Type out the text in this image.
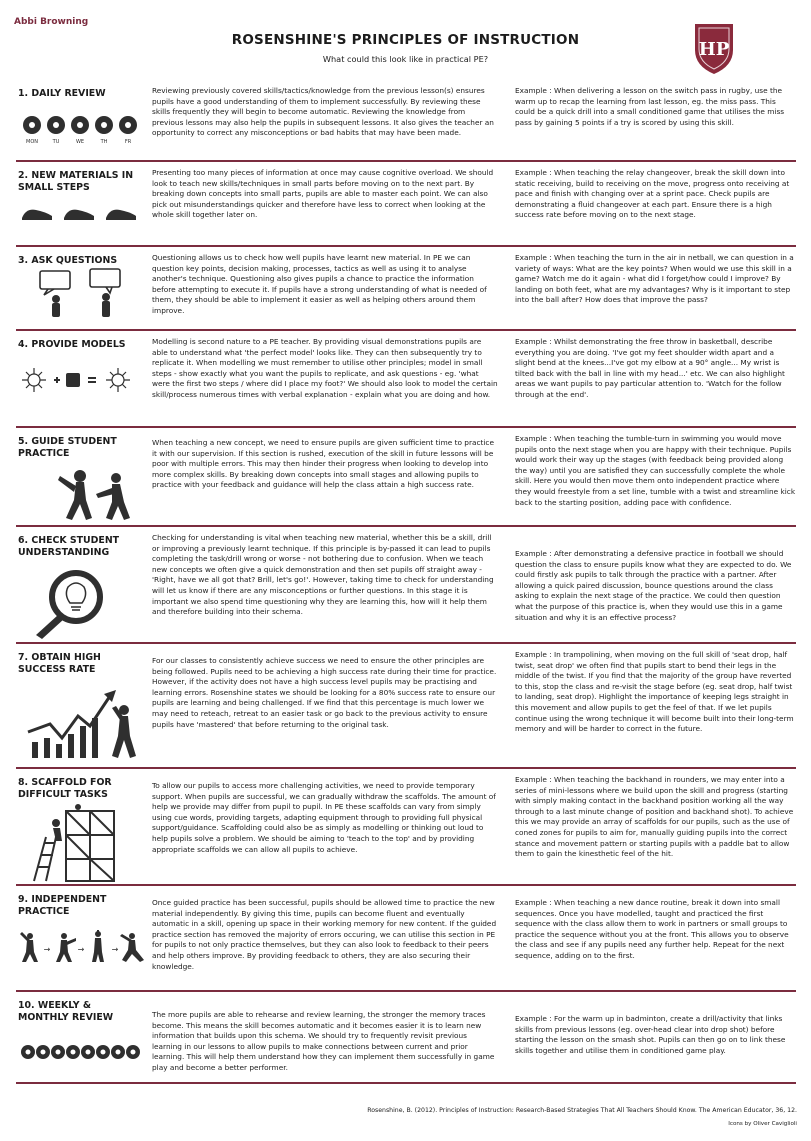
Abbi Browning
ROSENSHINE'S PRINCIPLES OF INSTRUCTION
What could this look like in practical PE?	HP
1. DAILY REVIEW
MON	TU	WE	TH	FR
Reviewing previously covered skills/tactics/knowledge from the previous lesson(s) ensures pupils have a good understanding of them to implement successfully. By reviewing these skills frequently they will begin to become automatic. Reviewing the knowledge from previous lessons may also help the pupils in subsequent lessons. It also gives the teacher an opportunity to correct any misconceptions or bad habits that may have been made.
Example : When delivering a lesson on the switch pass in rugby, use the warm up to recap the learning from last lesson, eg. the miss pass. This could be a quick drill into a small conditioned game that utilises the miss pass by gaining 5 points if a try is scored by using this skill.
2. NEW MATERIALS IN SMALL STEPS
Presenting too many pieces of information at once may cause cognitive overload. We should look to teach new skills/techniques in small parts before moving on to the next part. By breaking down concepts into small parts, pupils are able to master each point. We can also pick out misunderstandings quicker and therefore have less to correct when looking at the whole skill together later on.
Example : When teaching the relay changeover, break the skill down into static receiving, build to receiving on the move, progress onto receiving at pace and finish with changing over at a sprint pace. Check pupils are demonstrating a fluid changeover at each part. Ensure there is a high success rate before moving on to the next stage.
3. ASK QUESTIONS	Questioning allows us to check how well pupils have learnt new material. In PE we can question key points, decision making, processes, tactics as well as using it to analyse another's technique. Questioning also gives pupils a chance to practice the information before attempting to execute it. If pupils have a strong understanding of what is needed of them, they should be able to implement it easier as well as helping others around them improve.
Example : When teaching the turn in the air in netball, we can question in a variety of ways: What are the key points? When would we use this skill in a game? Watch me do it again - what did I forget/how could I improve? By landing on both feet, what are my advantages? Why is it important to step into the ball after? How does that improve the pass?
4. PROVIDE MODELS	Modelling is second nature to a PE teacher. By providing visual demonstrations pupils are able to understand what 'the perfect model' looks like. They can then subsequently try to replicate it. When modelling we must remember to utilise other principles; model in small steps - show exactly what you want the pupils to replicate, and ask questions - eg. 'what were the first two steps / where did I place my foot?' We should also look to model the certain skill/process numerous times with verbal explanation - explain what you are doing and how.
Example : Whilst demonstrating the free throw in basketball, describe everything you are doing. 'I've got my feet shoulder width apart and a slight bend at the knees...I've got my elbow at a 90° angle... My wrist is tilted back with the ball in line with my head...' etc. We can also highlight areas we want pupils to pay particular attention to. 'Watch for the follow through at the end'.
5. GUIDE STUDENT PRACTICE
When teaching a new concept, we need to ensure pupils are given sufficient time to practice it with our supervision. If this section is rushed, execution of the skill in future lessons will be poor with multiple errors. This may then hinder their progress when looking to develop into more complex skills. By breaking down concepts into small stages and allowing pupils to practice with your feedback and guidance will help the class attain a high success rate.
Example : When teaching the tumble-turn in swimming you would move pupils onto the next stage when you are happy with their technique. Pupils would work their way up the stages (with feedback being provided along the way) until you are satisfied they can successfully complete the whole skill. Here you would then move them onto independent practice where they would freestyle from a set line, tumble with a twist and streamline kick back to the starting position, adding pace with confidence.
6. CHECK STUDENT UNDERSTANDING
Checking for understanding is vital when teaching new material, whether this be a skill, drill or improving a previously learnt technique. If this principle is by-passed it can lead to pupils completing the task/drill wrong or worse - not bothering due to confusion. When we teach new concepts we often give a quick demonstration and then set pupils off straight away - 'Right, have we all got that? Brill, let's go!'. However, taking time to check for understanding will let us know if there are any misconceptions or further questions. In this stage it is important we also spend time questioning why they are learning this, how will it help them and therefore building into their schema.
Example : After demonstrating a defensive practice in football we should question the class to ensure pupils know what they are expected to do. We could firstly ask pupils to talk through the practice with a partner. After allowing a quick paired discussion, bounce questions around the class asking to explain the next stage of the practice. We could then question what the purpose of this practice is, when they would use this in a game situation and why it is an effective process?
7. OBTAIN HIGH SUCCESS RATE
For our classes to consistently achieve success we need to ensure the other principles are being followed. Pupils need to be achieving a high success rate during their time for practice. However, if the activity does not have a high success level pupils may be practising and learning errors. Rosenshine states we should be looking for a 80% success rate to ensure our pupils are learning and being challenged. If we find that this percentage is much lower we may need to reteach, retreat to an easier task or go back to the previous activity to ensure pupils have 'mastered' that before returning to the original task.
Example : In trampolining, when moving on the full skill of 'seat drop, half twist, seat drop' we often find that pupils start to bend their legs in the middle of the twist. If you find that the majority of the group have reverted to this, stop the class and re-visit the stage before (eg. seat drop, half twist to landing, seat drop). Highlight the importance of keeping legs straight in this movement and allow pupils to get the feel of that. If we let pupils continue using the wrong technique it will become built into their long-term memory and will be harder to correct in the future.
8. SCAFFOLD FOR DIFFICULT TASKS
To allow our pupils to access more challenging activities, we need to provide temporary support. When pupils are successful, we can gradually withdraw the scaffolds. The amount of help we provide may differ from pupil to pupil. In PE these scaffolds can vary from simply using cue words, providing targets, adapting equipment through to providing full physical support/guidance. Scaffolding could also be as simply as modelling or thinking out loud to help pupils solve a problem. We should be aiming to 'teach to the top' and by providing appropriate scaffolds we can allow all pupils to achieve.
Example : When teaching the backhand in rounders, we may enter into a series of mini-lessons where we build upon the skill and progress (starting with simply making contact in the backhand position working all the way through to a last minute change of position and backhand shot). To achieve this we may provide an array of scaffolds for our pupils, such as the use of coned zones for pupils to aim for, manually guiding pupils into the correct stance and movement pattern or starting pupils with a paddle bat to allow them to gain the kinesthetic feel of the hit.
9. INDEPENDENT PRACTICE
→	→	→
Once guided practice has been successful, pupils should be allowed time to practice the new material independently. By giving this time, pupils can become fluent and eventually automatic in a skill, opening up space in their working memory for new content. If the guided practice section has removed the majority of errors occuring, we can utilise this section in PE for pupils to not only practice themselves, but they can also look to feedback to their peers and help others improve. By providing feedback to others, they are also securing their knowledge.
Example : When teaching a new dance routine, break it down into small sequences. Once you have modelled, taught and practiced the first sequence with the class allow them to work in partners or small groups to practice the sequence without you at the front. This allows you to observe the class and see if any pupils need any further help. Repeat for the next sequence, adding on to the first.
10. WEEKLY & MONTHLY REVIEW	The more pupils are able to rehearse and review learning, the stronger the memory traces become. This means the skill becomes automatic and it becomes easier it is to learn new information that builds upon this schema. We should try to frequently revisit previous learning in our lessons to allow pupils to make connections between current and prior learning. This will help them understand how they can implement them successfully in game play and become a better performer.
Example : For the warm up in badminton, create a drill/activity that links skills from previous lessons (eg. over-head clear into drop shot) before starting the lesson on the smash shot. Pupils can then go on to link these skills together and utilise them in conditioned game play.
Rosenshine, B. (2012). Principles of Instruction: Research-Based Strategies That All Teachers Should Know. The American Educator, 36, 12.
Icons by Oliver Caviglioli
